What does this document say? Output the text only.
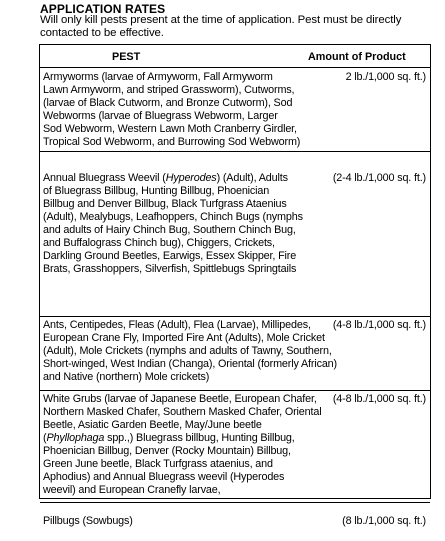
APPLICATION RATES
Will only kill pests present at the time of application. Pest must be directly
contacted to be effective.
PEST	Amount of Product
Armyworms (larvae of Armyworm, Fall Armyworm
Lawn Armyworm, and striped Grassworm), Cutworms,
(larvae of Black Cutworm, and Bronze Cutworm), Sod
Webworms (larvae of Bluegrass Webworm, Larger
Sod Webworm, Western Lawn Moth Cranberry Girdler,
Tropical Sod Webworm, and Burrowing Sod Webworm)
2 lb./1,000 sq. ft.)
Annual Bluegrass Weevil (Hyperodes) (Adult), Adults
of Bluegrass Billbug, Hunting Billbug, Phoenician
Billbug and Denver Billbug, Black Turfgrass Ataenius
(Adult), Mealybugs, Leafhoppers, Chinch Bugs (nymphs
and adults of Hairy Chinch Bug, Southern Chinch Bug,
and Buffalograss Chinch bug), Chiggers, Crickets,
Darkling Ground Beetles, Earwigs, Essex Skipper, Fire
Brats, Grasshoppers, Silverfish, Spittlebugs Springtails
(2-4 lb./1,000 sq. ft.)
Ants, Centipedes, Fleas (Adult), Flea (Larvae), Millipedes,
European Crane Fly, Imported Fire Ant (Adults), Mole Cricket
(Adult), Mole Crickets (nymphs and adults of Tawny, Southern,
Short-winged, West Indian (Changa), Oriental (formerly African)
and Native (northern) Mole crickets)
(4-8 lb./1,000 sq. ft.)
White Grubs (larvae of Japanese Beetle, European Chafer,
Northern Masked Chafer, Southern Masked Chafer, Oriental
Beetle, Asiatic Garden Beetle, May/June beetle
(Phyllophaga spp.,) Bluegrass billbug, Hunting Billbug,
Phoenician Billbug, Denver (Rocky Mountain) Billbug,
Green June beetle, Black Turfgrass ataenius, and
Aphodius) and Annual Bluegrass weevil (Hyperodes
weevil) and European Cranefly larvae,
(4-8 lb./1,000 sq. ft.)
Pillbugs (Sowbugs)	(8 lb./1,000 sq. ft.)
